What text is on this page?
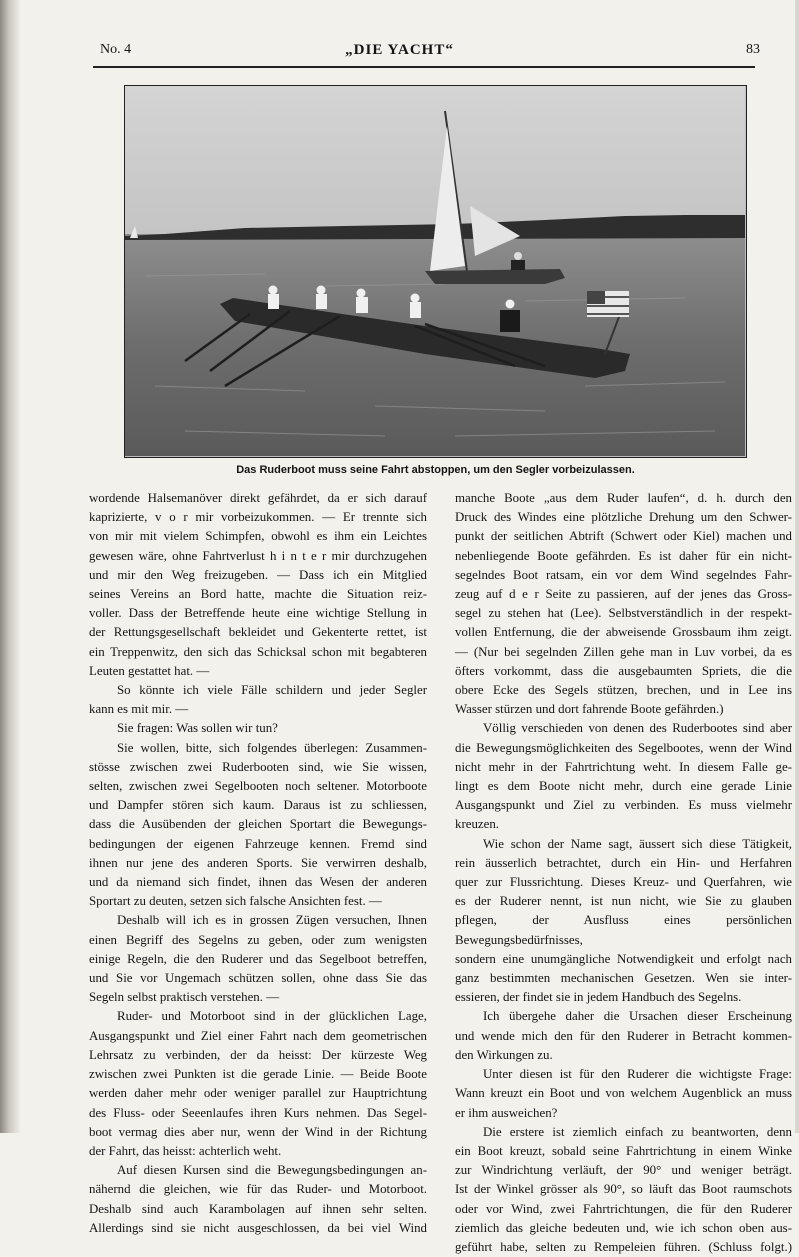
No. 4	„DIE YACHT“	83
Das Ruderboot muss seine Fahrt abstoppen, um den Segler vorbeizulassen.

wordende Halsemanöver direkt gefährdet, da er sich darauf

kaprizierte, v o r mir vorbeizukommen. — Er trennte sich

von mir mit vielem Schimpfen, obwohl es ihm ein Leichtes

gewesen wäre, ohne Fahrtverlust h i n t e r mir durchzugehen

und mir den Weg freizugeben. — Dass ich ein Mitglied

seines Vereins an Bord hatte, machte die Situation reiz-

voller. Dass der Betreffende heute eine wichtige Stellung in

der Rettungsgesellschaft bekleidet und Gekenterte rettet, ist

ein Treppenwitz, den sich das Schicksal schon mit begabteren

Leuten gestattet hat. —

So könnte ich viele Fälle schildern und jeder Segler

kann es mit mir. —

Sie fragen: Was sollen wir tun?

Sie wollen, bitte, sich folgendes überlegen: Zusammen-

stösse zwischen zwei Ruderbooten sind, wie Sie wissen,

selten, zwischen zwei Segelbooten noch seltener. Motorboote

und Dampfer stören sich kaum. Daraus ist zu schliessen,

dass die Ausübenden der gleichen Sportart die Bewegungs-

bedingungen der eigenen Fahrzeuge kennen. Fremd sind

ihnen nur jene des anderen Sports. Sie verwirren deshalb,

und da niemand sich findet, ihnen das Wesen der anderen

Sportart zu deuten, setzen sich falsche Ansichten fest. —

Deshalb will ich es in grossen Zügen versuchen, Ihnen

einen Begriff des Segelns zu geben, oder zum wenigsten

einige Regeln, die den Ruderer und das Segelboot betreffen,

und Sie vor Ungemach schützen sollen, ohne dass Sie das

Segeln selbst praktisch verstehen. —

Ruder- und Motorboot sind in der glücklichen Lage,

Ausgangspunkt und Ziel einer Fahrt nach dem geometrischen

Lehrsatz zu verbinden, der da heisst: Der kürzeste Weg

zwischen zwei Punkten ist die gerade Linie. — Beide Boote

werden daher mehr oder weniger parallel zur Hauptrichtung

des Fluss- oder Seeenlaufes ihren Kurs nehmen. Das Segel-

boot vermag dies aber nur, wenn der Wind in der Richtung

der Fahrt, das heisst: achterlich weht.

Auf diesen Kursen sind die Bewegungsbedingungen an-

nähernd die gleichen, wie für das Ruder- und Motorboot.

Deshalb sind auch Karambolagen auf ihnen sehr selten.

Allerdings sind sie nicht ausgeschlossen, da bei viel Wind

manche Boote „aus dem Ruder laufen“, d. h. durch den

Druck des Windes eine plötzliche Drehung um den Schwer-

punkt der seitlichen Abtrift (Schwert oder Kiel) machen und

nebenliegende Boote gefährden. Es ist daher für ein nicht-

segelndes Boot ratsam, ein vor dem Wind segelndes Fahr-

zeug auf d e r Seite zu passieren, auf der jenes das Gross-

segel zu stehen hat (Lee). Selbstverständlich in der respekt-

vollen Entfernung, die der abweisende Grossbaum ihm zeigt.

— (Nur bei segelnden Zillen gehe man in Luv vorbei, da es

öfters vorkommt, dass die ausgebaumten Spriets, die die

obere Ecke des Segels stützen, brechen, und in Lee ins

Wasser stürzen und dort fahrende Boote gefährden.)

Völlig verschieden von denen des Ruderbootes sind aber

die Bewegungsmöglichkeiten des Segelbootes, wenn der Wind

nicht mehr in der Fahrtrichtung weht. In diesem Falle ge-

lingt es dem Boote nicht mehr, durch eine gerade Linie

Ausgangspunkt und Ziel zu verbinden. Es muss vielmehr

kreuzen.

Wie schon der Name sagt, äussert sich diese Tätigkeit,

rein äusserlich betrachtet, durch ein Hin- und Herfahren

quer zur Flussrichtung. Dieses Kreuz- und Querfahren, wie

es der Ruderer nennt, ist nun nicht, wie Sie zu glauben

pflegen, der Ausfluss eines persönlichen Bewegungsbedürfnisses,

sondern eine unumgängliche Notwendigkeit und erfolgt nach

ganz bestimmten mechanischen Gesetzen. Wen sie inter-

essieren, der findet sie in jedem Handbuch des Segelns.

Ich übergehe daher die Ursachen dieser Erscheinung

und wende mich den für den Ruderer in Betracht kommen-

den Wirkungen zu.

Unter diesen ist für den Ruderer die wichtigste Frage:

Wann kreuzt ein Boot und von welchem Augenblick an muss

er ihm ausweichen?

Die erstere ist ziemlich einfach zu beantworten, denn

ein Boot kreuzt, sobald seine Fahrtrichtung in einem Winke

zur Windrichtung verläuft, der 90° und weniger beträgt.

Ist der Winkel grösser als 90°, so läuft das Boot raumschots

oder vor Wind, zwei Fahrtrichtungen, die für den Ruderer

ziemlich das gleiche bedeuten und, wie ich schon oben aus-

geführt habe, selten zu Rempeleien führen. (Schluss folgt.)
